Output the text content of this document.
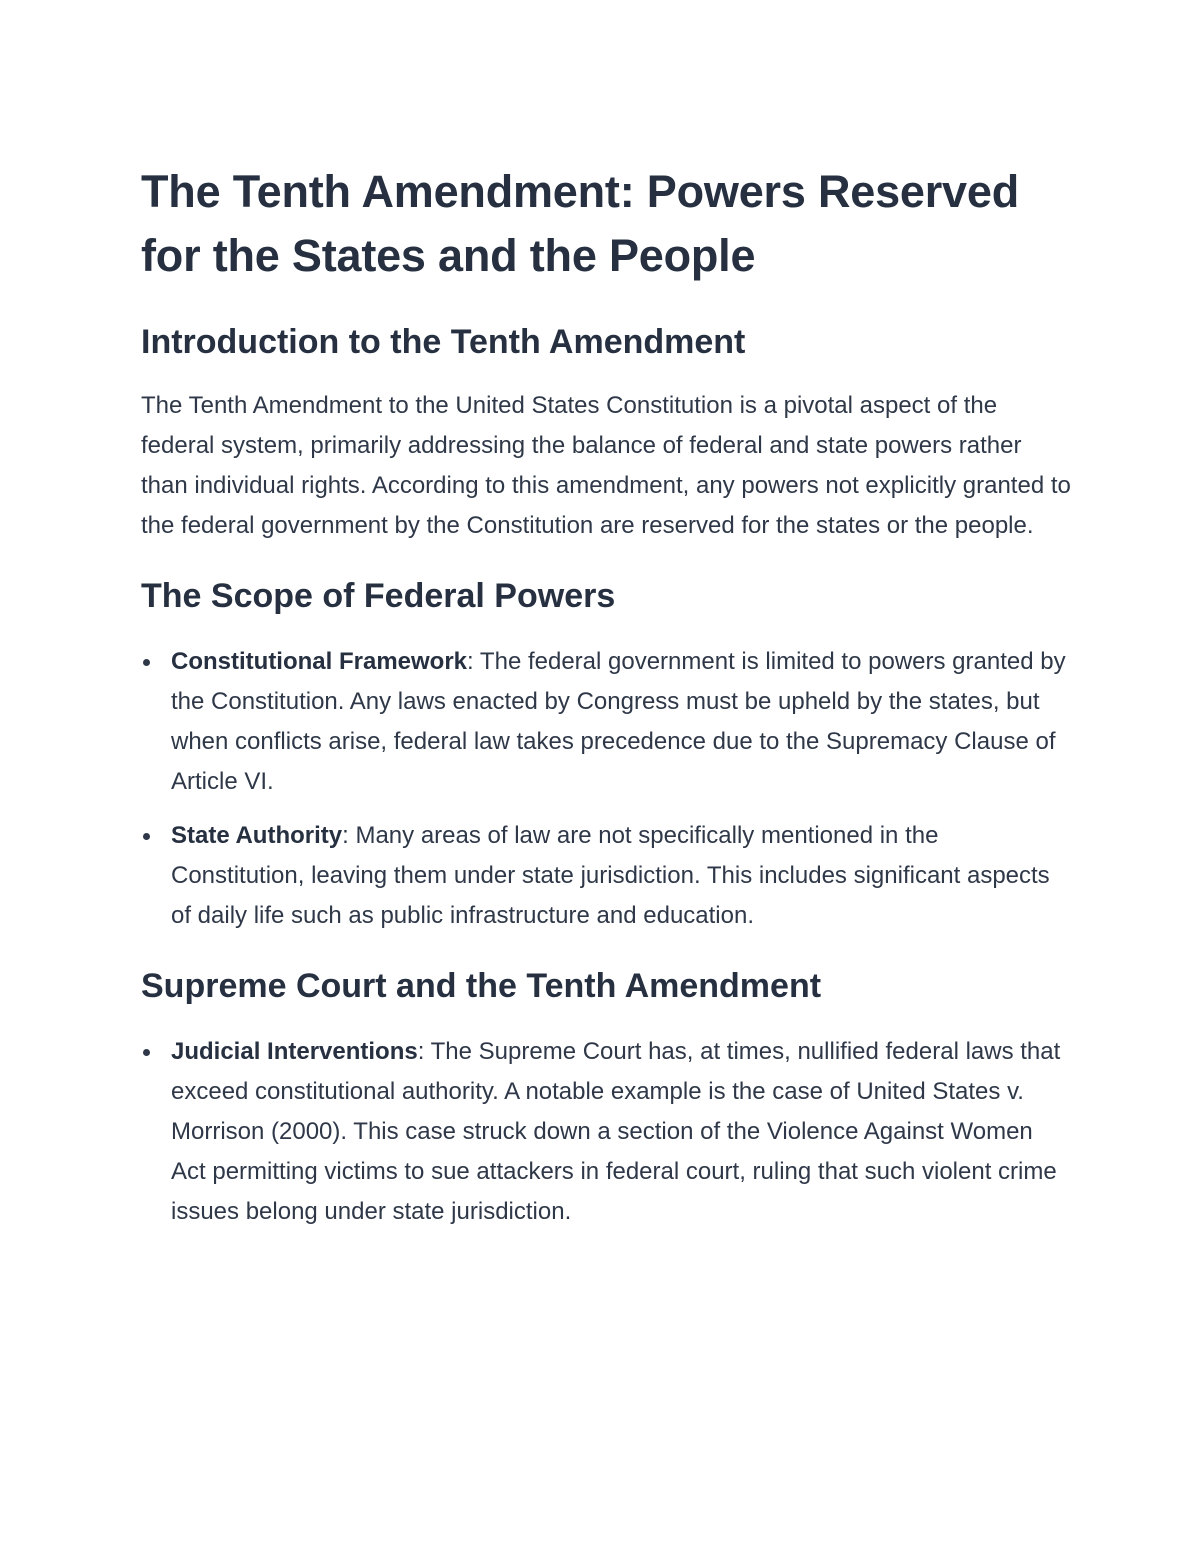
The Tenth Amendment: Powers Reserved for the States and the People
Introduction to the Tenth Amendment

The Tenth Amendment to the United States Constitution is a pivotal aspect of the federal system, primarily addressing the balance of federal and state powers rather than individual rights. According to this amendment, any powers not explicitly granted to the federal government by the Constitution are reserved for the states or the people.

The Scope of Federal Powers
Constitutional Framework: The federal government is limited to powers granted by the Constitution. Any laws enacted by Congress must be upheld by the states, but when conflicts arise, federal law takes precedence due to the Supremacy Clause of Article VI.
State Authority: Many areas of law are not specifically mentioned in the Constitution, leaving them under state jurisdiction. This includes significant aspects of daily life such as public infrastructure and education.
Supreme Court and the Tenth Amendment
Judicial Interventions: The Supreme Court has, at times, nullified federal laws that exceed constitutional authority. A notable example is the case of United States v. Morrison (2000). This case struck down a section of the Violence Against Women Act permitting victims to sue attackers in federal court, ruling that such violent crime issues belong under state jurisdiction.
